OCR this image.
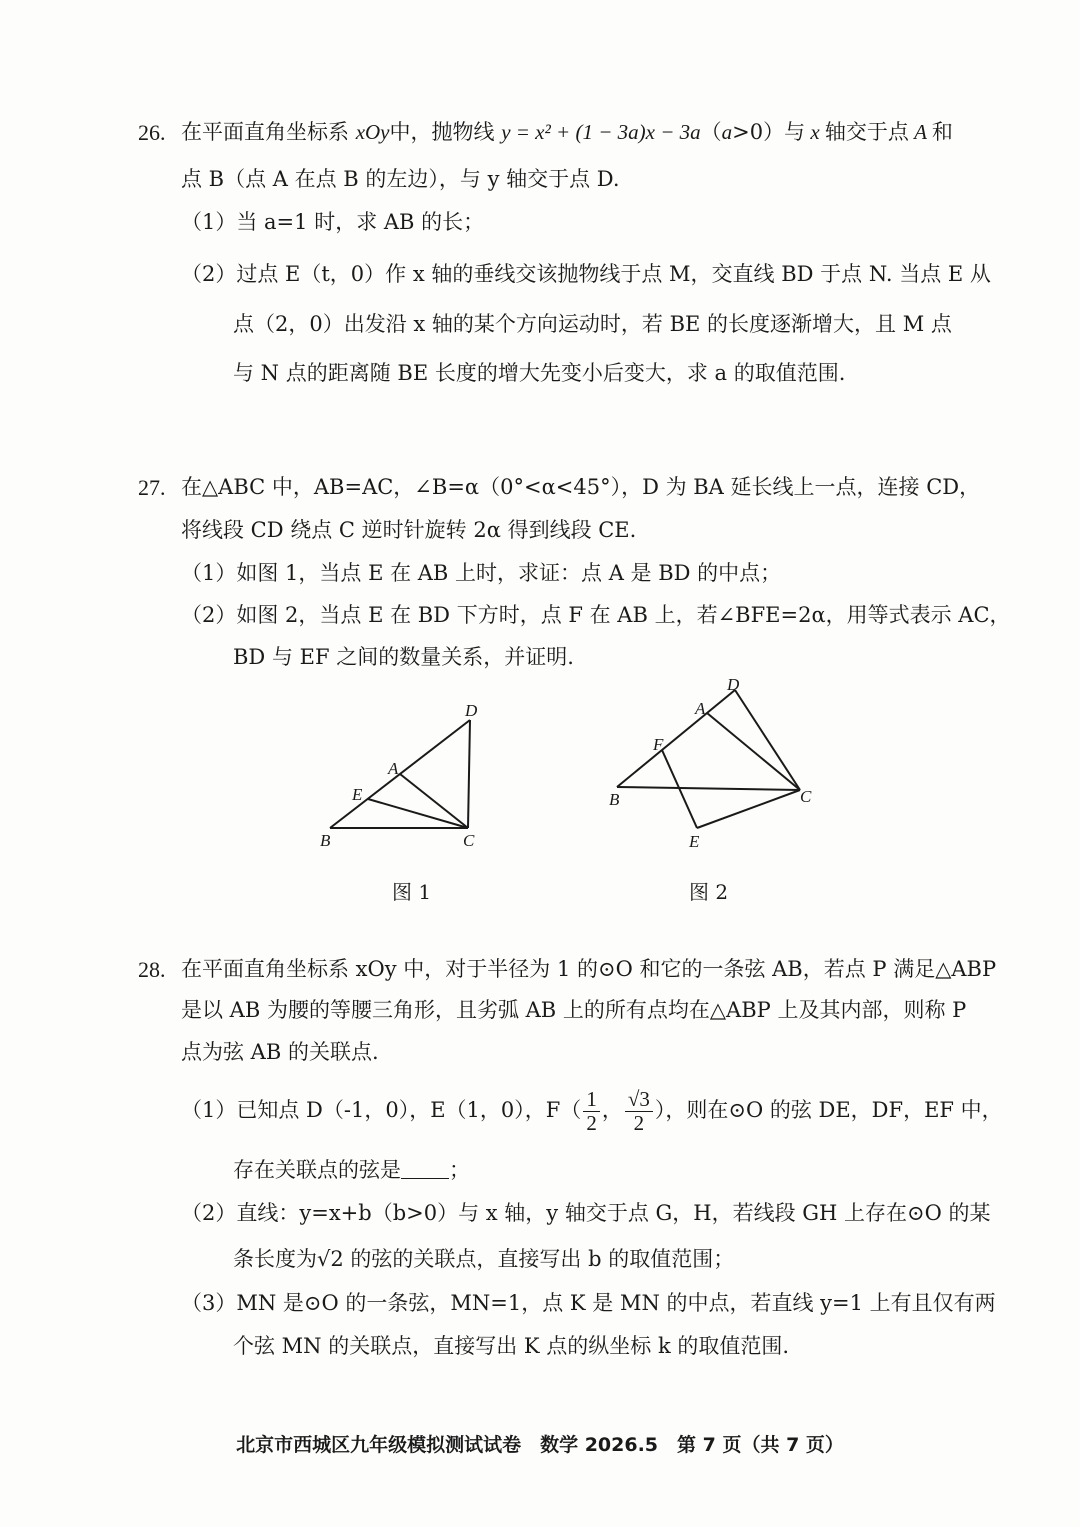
26. 在平面直角坐标系 xOy中，抛物线 y = x² + (1 − 3a)x − 3a（a>0）与 x 轴交于点 A 和
点 B（点 A 在点 B 的左边），与 y 轴交于点 D.
（1）当 a=1 时，求 AB 的长；
（2）过点 E（t，0）作 x 轴的垂线交该抛物线于点 M，交直线 BD 于点 N. 当点 E 从
点（2，0）出发沿 x 轴的某个方向运动时，若 BE 的长度逐渐增大，且 M 点
与 N 点的距离随 BE 长度的增大先变小后变大，求 a 的取值范围.
27. 在△ABC 中，AB=AC，∠B=α（0°<α<45°），D 为 BA 延长线上一点，连接 CD，
将线段 CD 绕点 C 逆时针旋转 2α 得到线段 CE.
（1）如图 1，当点 E 在 AB 上时，求证：点 A 是 BD 的中点；
（2）如图 2，当点 E 在 BD 下方时，点 F 在 AB 上，若∠BFE=2α，用等式表示 AC，
BD 与 EF 之间的数量关系，并证明.
D
A
E
B	C
图 1
D
A
F
B	C
E
图 2
28. 在平面直角坐标系 xOy 中，对于半径为 1 的⊙O 和它的一条弦 AB，若点 P 满足△ABP
是以 AB 为腰的等腰三角形，且劣弧 AB 上的所有点均在△ABP 上及其内部，则称 P
点为弦 AB 的关联点.
（1）已知点 D（-1，0），E（1，0），$F( \frac{1}{2}$ ， $\frac{√3}{2}$ ），则在⊙O 的弦 DE，DF，EF 中，
存在关联点的弦是 ；
（2）直线：y=x+b（b>0）与 x 轴，y 轴交于点 G，H，若线段 GH 上存在⊙O 的某
条长度为√2 的弦的关联点，直接写出 b 的取值范围；
（3）MN 是⊙O 的一条弦，MN=1，点 K 是 MN 的中点，若直线 y=1 上有且仅有两
个弦 MN 的关联点，直接写出 K 点的纵坐标 k 的取值范围.
北京市西城区九年级模拟测试试卷　数学 2026.5　第 7 页（共 7 页）
